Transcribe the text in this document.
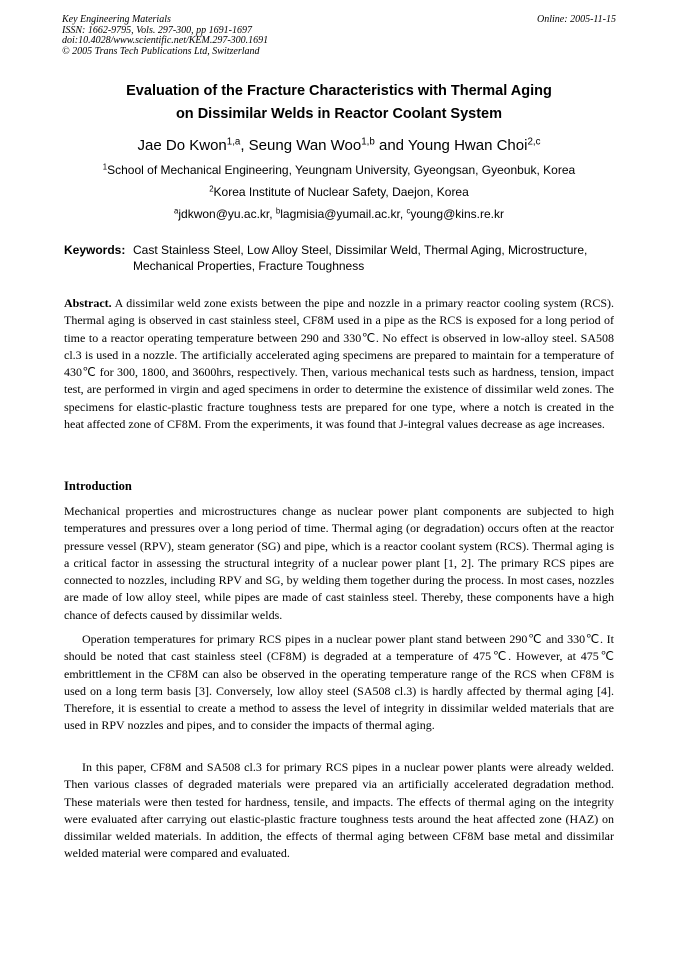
Key Engineering Materials
ISSN: 1662-9795, Vols. 297-300, pp 1691-1697
doi:10.4028/www.scientific.net/KEM.297-300.1691
© 2005 Trans Tech Publications Ltd, Switzerland
Online: 2005-11-15
Evaluation of the Fracture Characteristics with Thermal Aging
on Dissimilar Welds in Reactor Coolant System
Jae Do Kwon$^{1,a}$, Seung Wan Woo$^{1,b}$ and Young Hwan Choi$^{2,c}$
$^1$School of Mechanical Engineering, Yeungnam University, Gyeongsan, Gyeonbuk, Korea
$^2$Korea Institute of Nuclear Safety, Daejon, Korea
$^a$jdkwon@yu.ac.kr, $^b$lagmisia@yumail.ac.kr, $^c$young@kins.re.kr
Keywords: Cast Stainless Steel, Low Alloy Steel, Dissimilar Weld, Thermal Aging, Microstructure, Mechanical Properties, Fracture Toughness

Abstract. A dissimilar weld zone exists between the pipe and nozzle in a primary reactor cooling system (RCS). Thermal aging is observed in cast stainless steel, CF8M used in a pipe as the RCS is exposed for a long period of time to a reactor operating temperature between 290 and 330℃. No effect is observed in low-alloy steel. SA508 cl.3 is used in a nozzle. The artificially accelerated aging specimens are prepared to maintain for a temperature of 430℃ for 300, 1800, and 3600hrs, respectively. Then, various mechanical tests such as hardness, tension, impact test, are performed in virgin and aged specimens in order to determine the existence of dissimilar weld zones. The specimens for elastic-plastic fracture toughness tests are prepared for one type, where a notch is created in the heat affected zone of CF8M. From the experiments, it was found that J-integral values decrease as age increases.

Introduction

Mechanical properties and microstructures change as nuclear power plant components are subjected to high temperatures and pressures over a long period of time. Thermal aging (or degradation) occurs often at the reactor pressure vessel (RPV), steam generator (SG) and pipe, which is a reactor coolant system (RCS). Thermal aging is a critical factor in assessing the structural integrity of a nuclear power plant [1, 2]. The primary RCS pipes are connected to nozzles, including RPV and SG, by welding them together during the process. In most cases, nozzles are made of low alloy steel, while pipes are made of cast stainless steel. Thereby, these components have a high chance of defects caused by dissimilar welds.

Operation temperatures for primary RCS pipes in a nuclear power plant stand between 290℃ and 330℃. It should be noted that cast stainless steel (CF8M) is degraded at a temperature of 475℃. However, at 475℃ embrittlement in the CF8M can also be observed in the operating temperature range of the RCS when CF8M is used on a long term basis [3]. Conversely, low alloy steel (SA508 cl.3) is hardly affected by thermal aging [4]. Therefore, it is essential to create a method to assess the level of integrity in dissimilar welded materials that are used in RPV nozzles and pipes, and to consider the impacts of thermal aging.

In this paper, CF8M and SA508 cl.3 for primary RCS pipes in a nuclear power plants were already welded. Then various classes of degraded materials were prepared via an artificially accelerated degradation method. These materials were then tested for hardness, tensile, and impacts. The effects of thermal aging on the integrity were evaluated after carrying out elastic-plastic fracture toughness tests around the heat affected zone (HAZ) on dissimilar welded materials. In addition, the effects of thermal aging between CF8M base metal and dissimilar welded material were compared and evaluated.
